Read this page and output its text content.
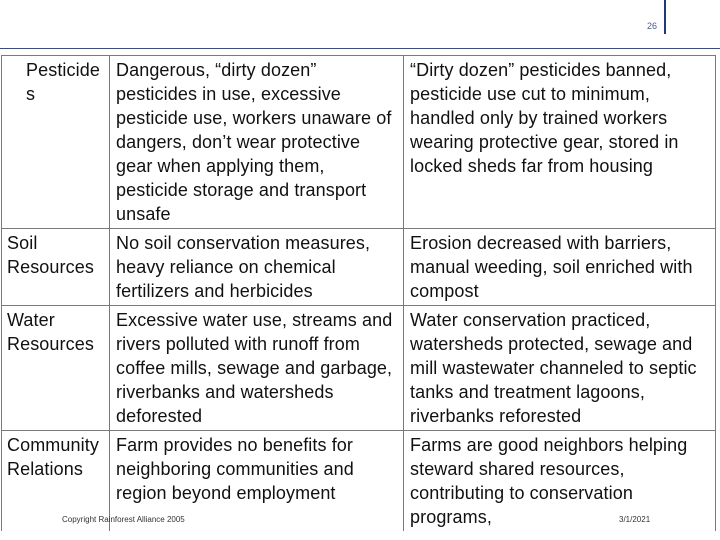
26
Pesticides	Dangerous, “dirty dozen” pesticides in use, excessive pesticide use, workers unaware of dangers, don’t wear protective gear when applying them, pesticide storage and transport unsafe	“Dirty dozen” pesticides banned, pesticide use cut to minimum, handled only by trained workers wearing protective gear, stored in locked sheds far from housing
Soil Resources	No soil conservation measures, heavy reliance on chemical fertilizers and herbicides	Erosion decreased with barriers, manual weeding, soil enriched with compost
Water Resources	Excessive water use, streams and rivers polluted with runoff from coffee mills, sewage and garbage, riverbanks and watersheds deforested	Water conservation practiced, watersheds protected, sewage and mill wastewater channeled to septic tanks and treatment lagoons, riverbanks reforested
Community Relations	Farm provides no benefits for neighboring communities and region beyond employment	Farms are good neighbors helping steward shared resources, contributing to conservation programs,
Copyright Rainforest Alliance 2005	3/1/2021
